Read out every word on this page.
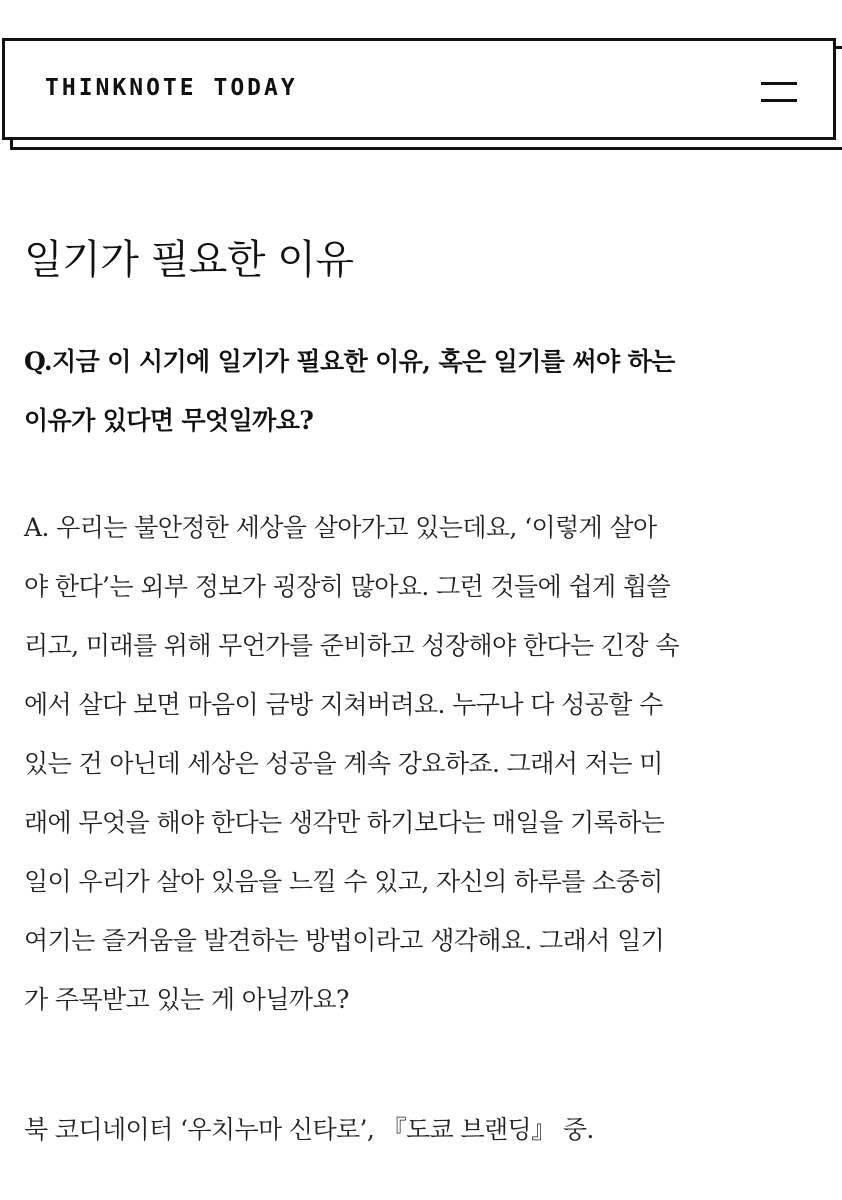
THINKNOTE TODAY
일기가 필요한 이유

Q.지금 이 시기에 일기가 필요한 이유, 혹은 일기를 써야 하는
이유가 있다면 무엇일까요?

A. 우리는 불안정한 세상을 살아가고 있는데요, ‘이렇게 살아
야 한다’는 외부 정보가 굉장히 많아요. 그런 것들에 쉽게 휩쓸
리고, 미래를 위해 무언가를 준비하고 성장해야 한다는 긴장 속
에서 살다 보면 마음이 금방 지쳐버려요. 누구나 다 성공할 수
있는 건 아닌데 세상은 성공을 계속 강요하죠. 그래서 저는 미
래에 무엇을 해야 한다는 생각만 하기보다는 매일을 기록하는
일이 우리가 살아 있음을 느낄 수 있고, 자신의 하루를 소중히
여기는 즐거움을 발견하는 방법이라고 생각해요. 그래서 일기
가 주목받고 있는 게 아닐까요?

북 코디네이터 ‘우치누마 신타로’, 『도쿄 브랜딩』 중.
